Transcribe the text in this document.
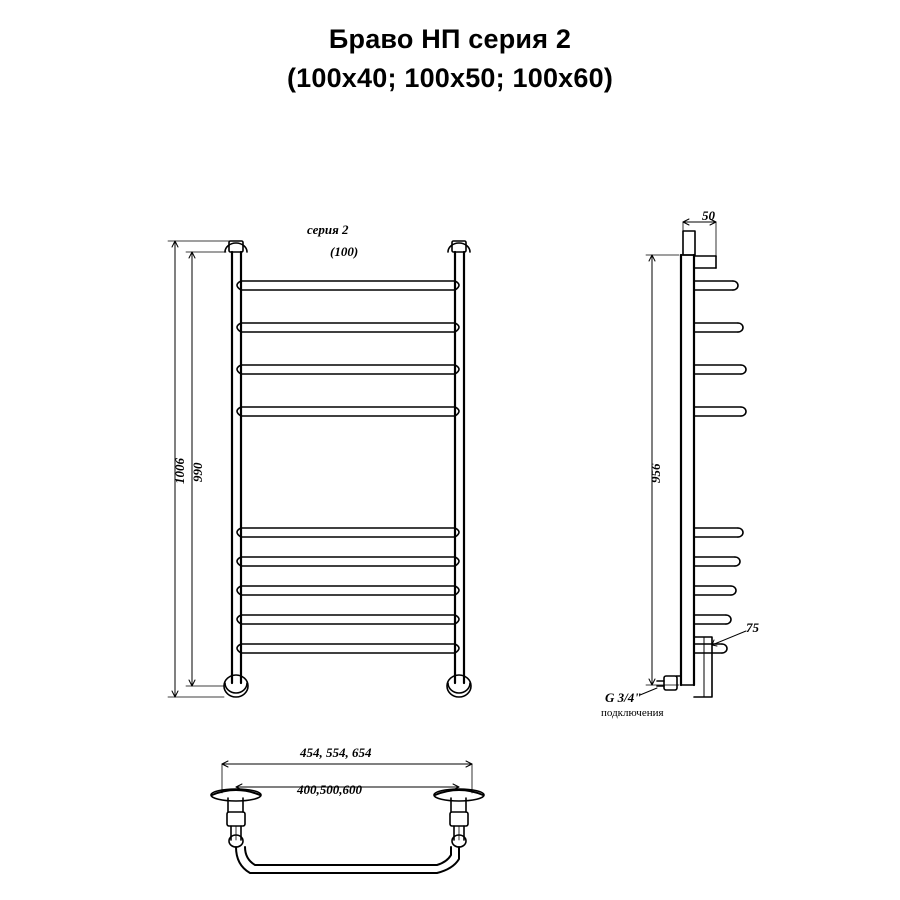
Браво НП серия 2
(100x40; 100x50; 100x60)
серия 2
(100)
1006 990
50
956
75
G 3/4"
подключения
454, 554, 654
400,500,600
